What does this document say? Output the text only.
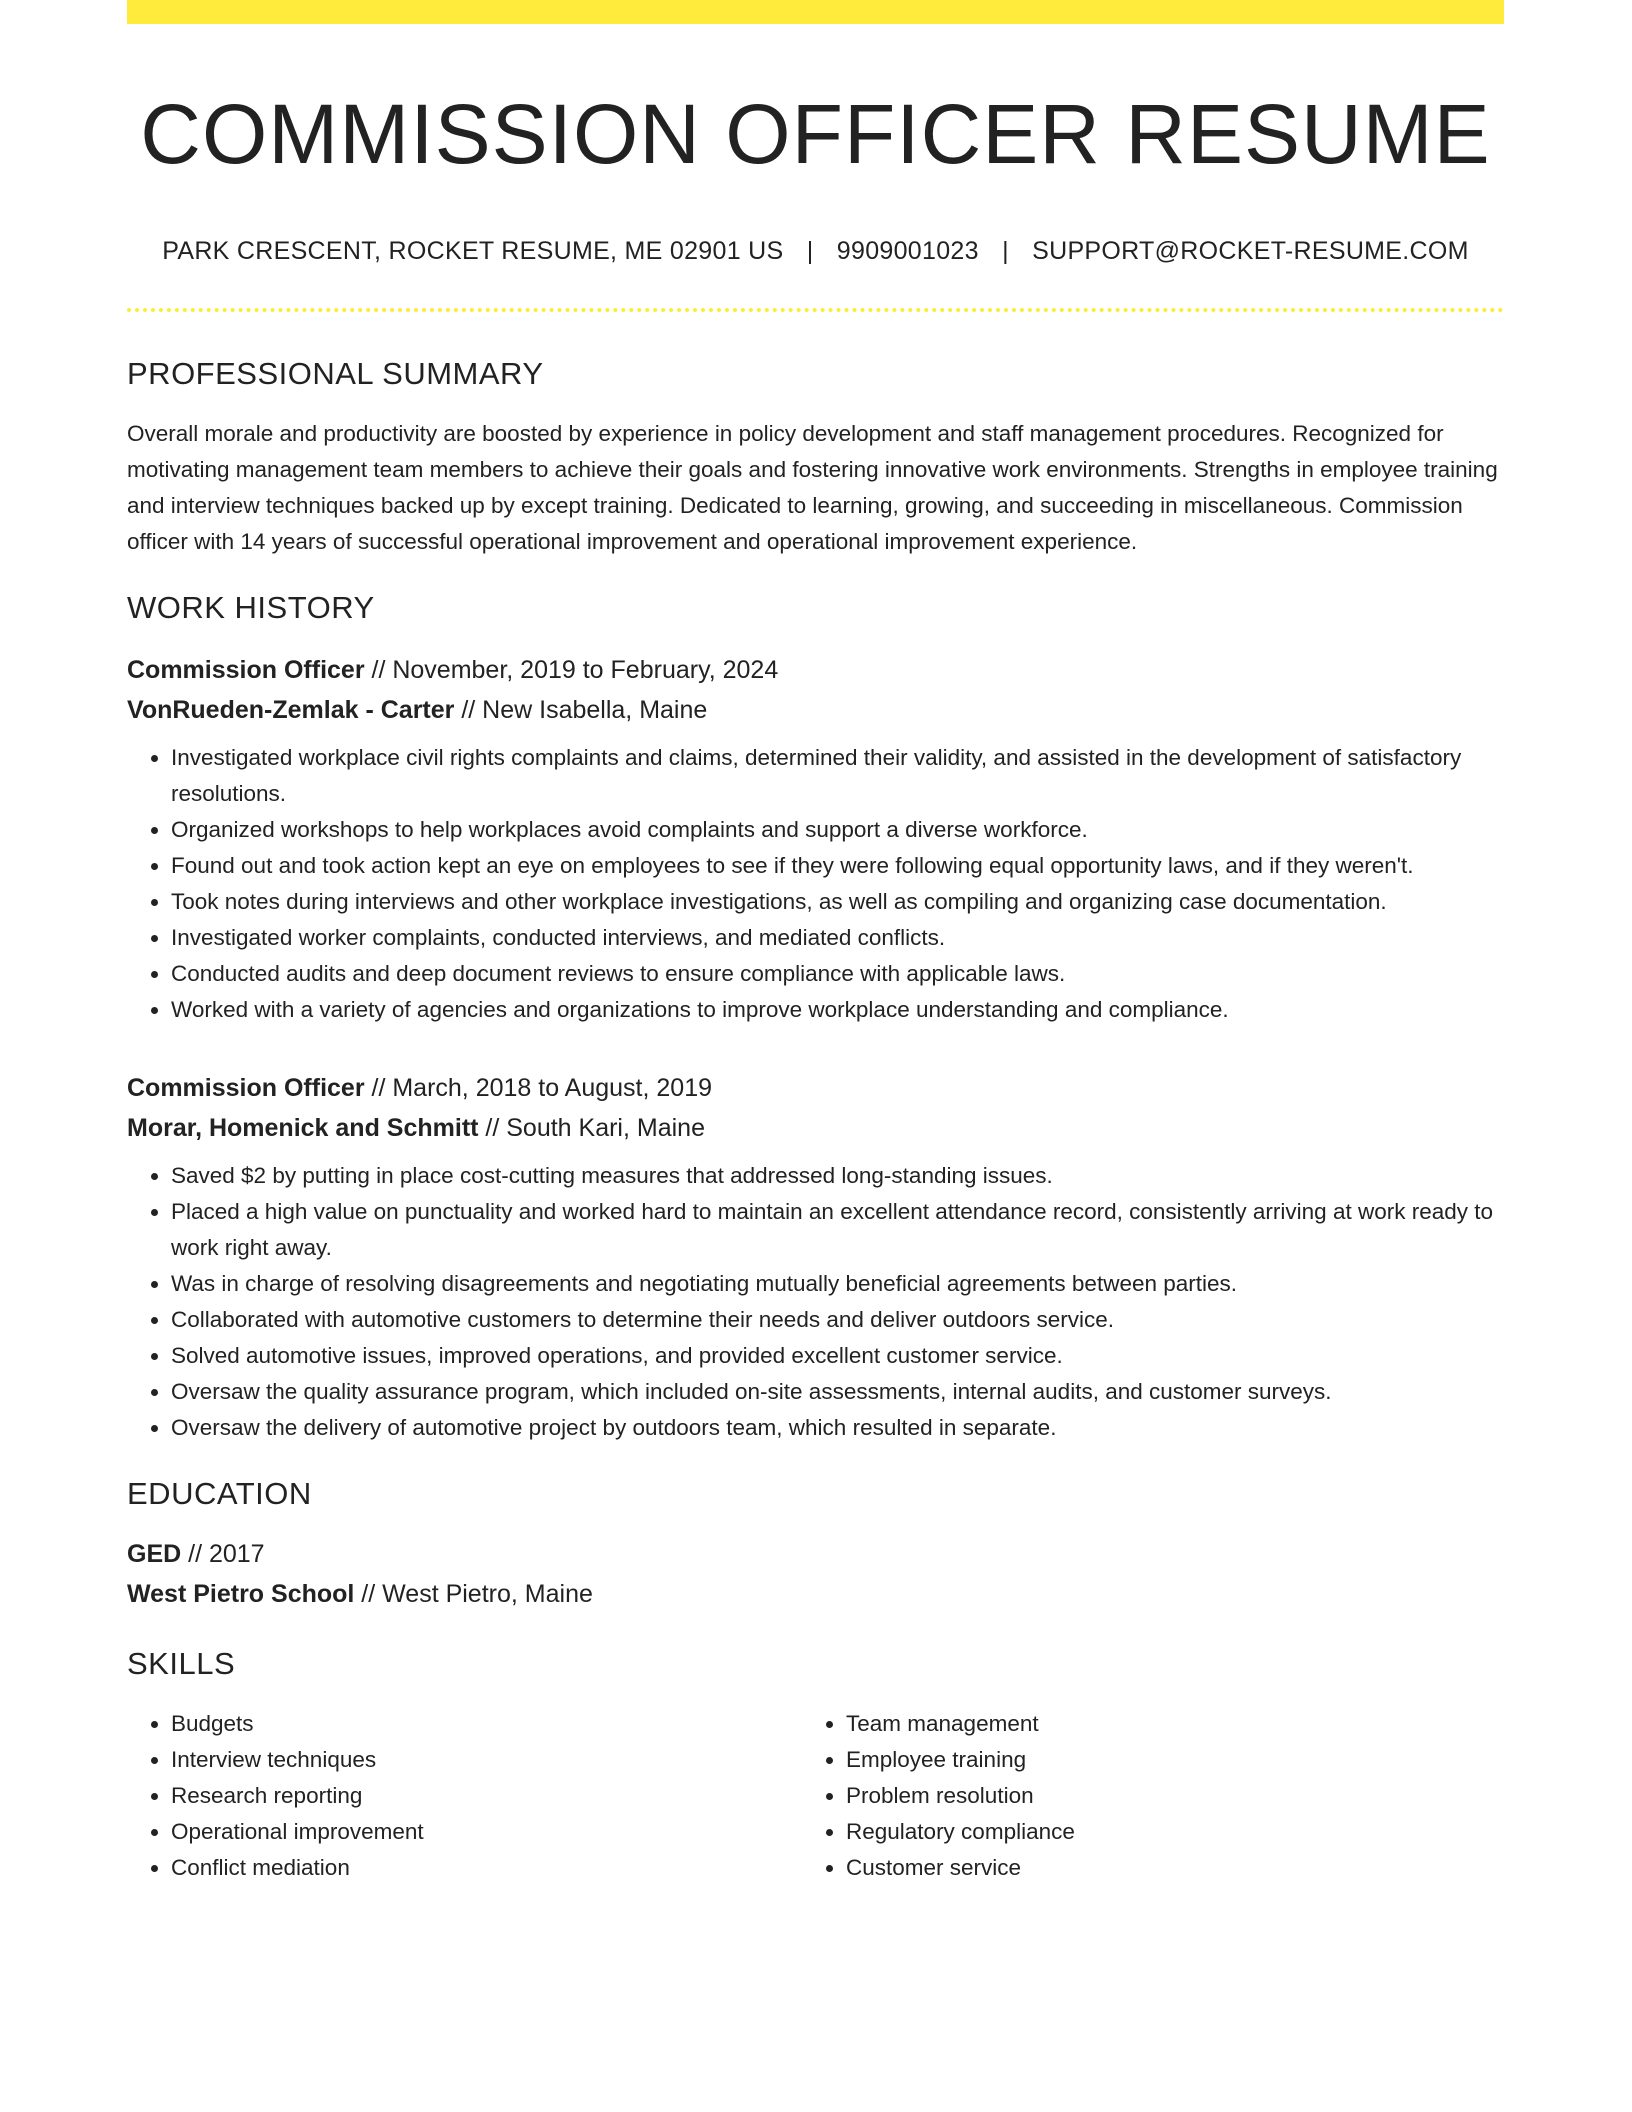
COMMISSION OFFICER RESUME
PARK CRESCENT, ROCKET RESUME, ME 02901 US | 9909001023 | SUPPORT@ROCKET-RESUME.COM
PROFESSIONAL SUMMARY

Overall morale and productivity are boosted by experience in policy development and staff management procedures. Recognized for motivating management team members to achieve their goals and fostering innovative work environments. Strengths in employee training and interview techniques backed up by except training. Dedicated to learning, growing, and succeeding in miscellaneous. Commission officer with 14 years of successful operational improvement and operational improvement experience.

WORK HISTORY
Commission Officer // November, 2019 to February, 2024
VonRueden-Zemlak - Carter // New Isabella, Maine
• Investigated workplace civil rights complaints and claims, determined their validity, and assisted in the development of satisfactory resolutions.
• Organized workshops to help workplaces avoid complaints and support a diverse workforce.
• Found out and took action kept an eye on employees to see if they were following equal opportunity laws, and if they weren't.
• Took notes during interviews and other workplace investigations, as well as compiling and organizing case documentation.
• Investigated worker complaints, conducted interviews, and mediated conflicts.
• Conducted audits and deep document reviews to ensure compliance with applicable laws.
• Worked with a variety of agencies and organizations to improve workplace understanding and compliance.
Commission Officer // March, 2018 to August, 2019
Morar, Homenick and Schmitt // South Kari, Maine
• Saved $2 by putting in place cost-cutting measures that addressed long-standing issues.
• Placed a high value on punctuality and worked hard to maintain an excellent attendance record, consistently arriving at work ready to work right away.
• Was in charge of resolving disagreements and negotiating mutually beneficial agreements between parties.
• Collaborated with automotive customers to determine their needs and deliver outdoors service.
• Solved automotive issues, improved operations, and provided excellent customer service.
• Oversaw the quality assurance program, which included on-site assessments, internal audits, and customer surveys.
• Oversaw the delivery of automotive project by outdoors team, which resulted in separate.
EDUCATION
GED // 2017
West Pietro School // West Pietro, Maine
SKILLS
• Budgets
• Interview techniques
• Research reporting
• Operational improvement
• Conflict mediation
• Team management
• Employee training
• Problem resolution
• Regulatory compliance
• Customer service
